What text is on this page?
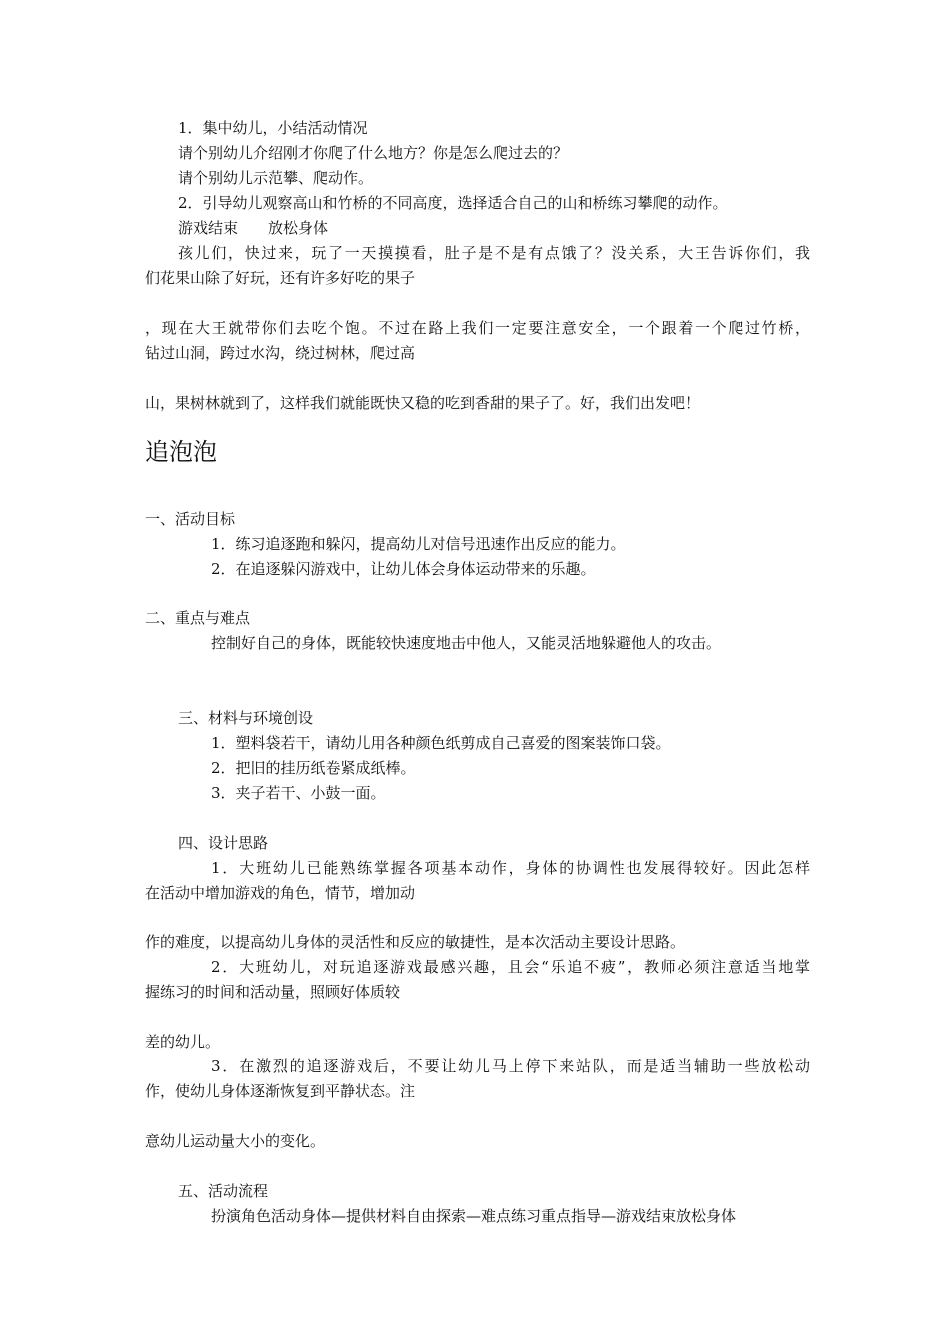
1．集中幼儿，小结活动情况
请个别幼儿介绍刚才你爬了什么地方？你是怎么爬过去的？
请个别幼儿示范攀、爬动作。
2．引导幼儿观察高山和竹桥的不同高度，选择适合自己的山和桥练习攀爬的动作。
游戏结束　　放松身体
孩儿们，快过来，玩了一天摸摸看，肚子是不是有点饿了？没关系，大王告诉你们，我
们花果山除了好玩，还有许多好吃的果子
，现在大王就带你们去吃个饱。不过在路上我们一定要注意安全，一个跟着一个爬过竹桥，
钻过山洞，跨过水沟，绕过树林，爬过高
山，果树林就到了，这样我们就能既快又稳的吃到香甜的果子了。好，我们出发吧！
追泡泡
一、活动目标
1．练习追逐跑和躲闪，提高幼儿对信号迅速作出反应的能力。
2．在追逐躲闪游戏中，让幼儿体会身体运动带来的乐趣。
二、重点与难点
控制好自己的身体，既能较快速度地击中他人，又能灵活地躲避他人的攻击。
三、材料与环境创设
1．塑料袋若干，请幼儿用各种颜色纸剪成自己喜爱的图案装饰口袋。
2．把旧的挂历纸卷紧成纸棒。
3．夹子若干、小鼓一面。
四、设计思路
1．大班幼儿已能熟练掌握各项基本动作，身体的协调性也发展得较好。因此怎样
在活动中增加游戏的角色，情节，增加动
作的难度，以提高幼儿身体的灵活性和反应的敏捷性，是本次活动主要设计思路。
2．大班幼儿，对玩追逐游戏最感兴趣，且会“乐追不疲”，教师必须注意适当地掌
握练习的时间和活动量，照顾好体质较
差的幼儿。
3．在激烈的追逐游戏后，不要让幼儿马上停下来站队，而是适当辅助一些放松动
作，使幼儿身体逐渐恢复到平静状态。注
意幼儿运动量大小的变化。
五、活动流程
扮演角色活动身体—提供材料自由探索—难点练习重点指导—游戏结束放松身体
